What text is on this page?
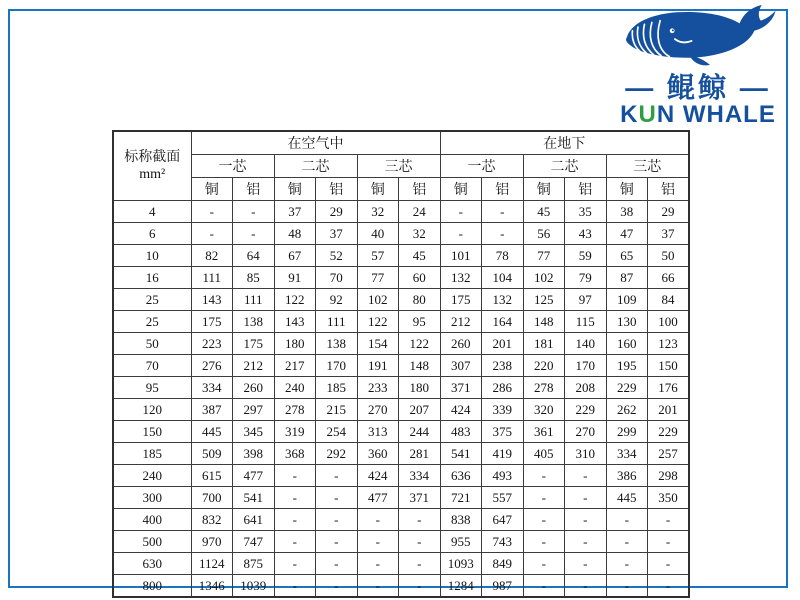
— 鲲鲸 —
KUN WHALE
标称截面
mm²	在空气中						在地下					
	一芯		二芯		三芯		一芯		二芯		三芯	
	铜	铝	铜	铝	铜	铝	铜	铝	铜	铝	铜	铝
4	-	-	37	29	32	24	-	-	45	35	38	29
6	-	-	48	37	40	32	-	-	56	43	47	37
10	82	64	67	52	57	45	101	78	77	59	65	50
16	111	85	91	70	77	60	132	104	102	79	87	66
25	143	111	122	92	102	80	175	132	125	97	109	84
25	175	138	143	111	122	95	212	164	148	115	130	100
50	223	175	180	138	154	122	260	201	181	140	160	123
70	276	212	217	170	191	148	307	238	220	170	195	150
95	334	260	240	185	233	180	371	286	278	208	229	176
120	387	297	278	215	270	207	424	339	320	229	262	201
150	445	345	319	254	313	244	483	375	361	270	299	229
185	509	398	368	292	360	281	541	419	405	310	334	257
240	615	477	-	-	424	334	636	493	-	-	386	298
300	700	541	-	-	477	371	721	557	-	-	445	350
400	832	641	-	-	-	-	838	647	-	-	-	-
500	970	747	-	-	-	-	955	743	-	-	-	-
630	1124	875	-	-	-	-	1093	849	-	-	-	-
800	1346	1039	-	-	-	-	1284	987	-	-	-	-
